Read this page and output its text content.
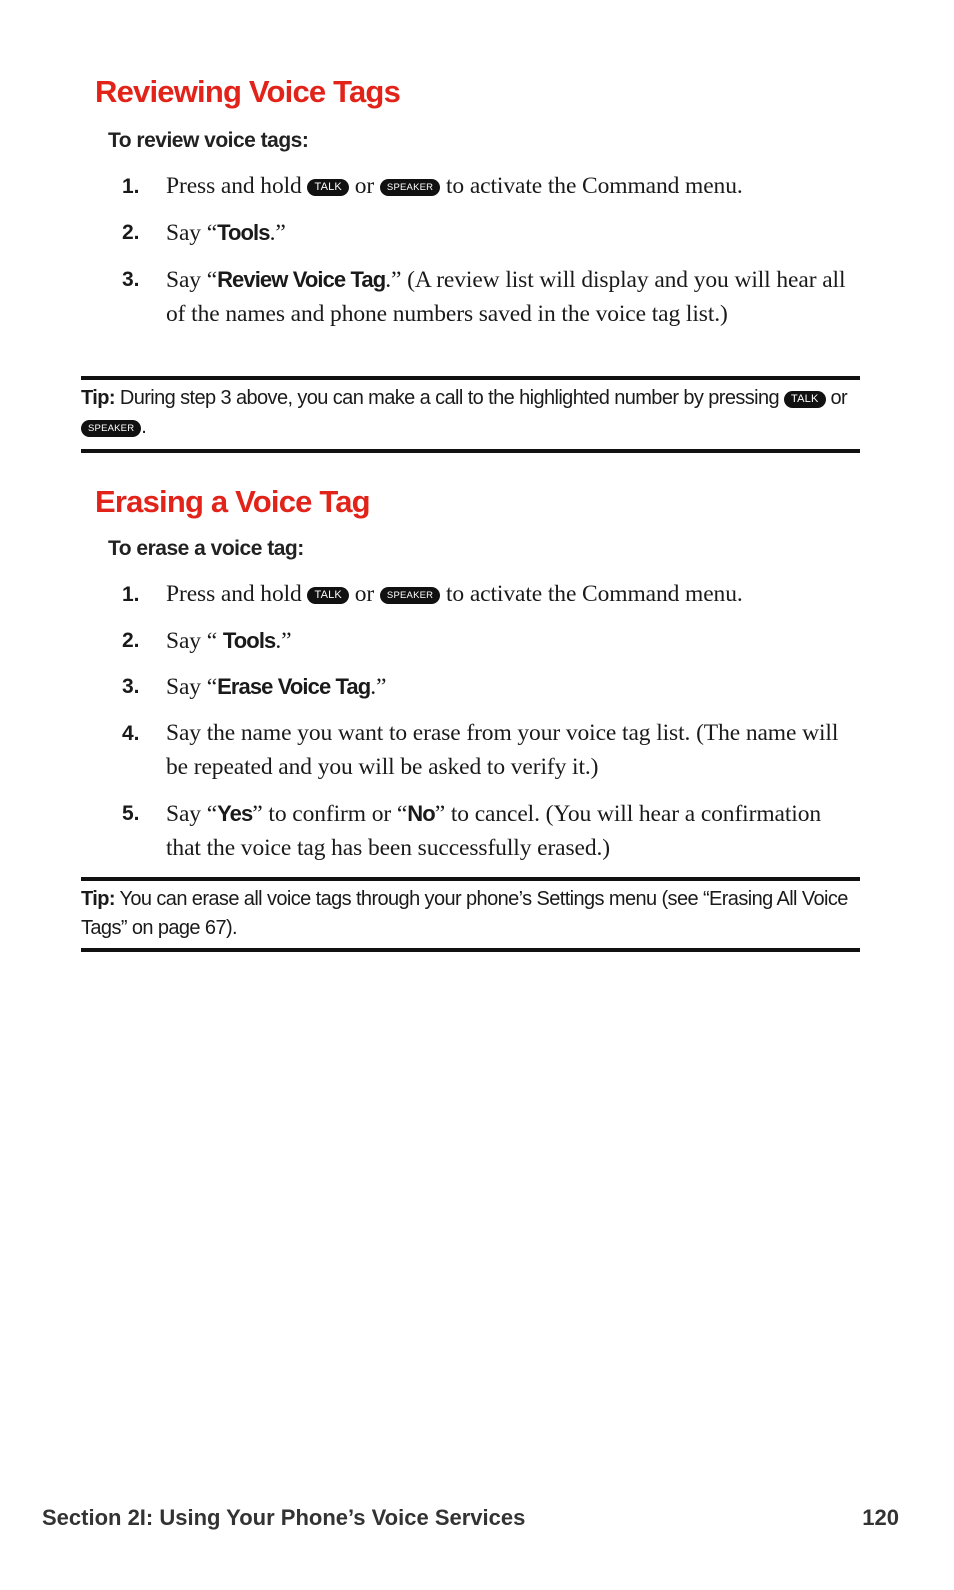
Reviewing Voice Tags

To review voice tags:

1.	Press and hold TALK or SPEAKER to activate the Command menu.
2.	Say “Tools.”
3.	Say “Review Voice Tag.” (A review list will display and you will hear all of the names and phone numbers saved in the voice tag list.)
Tip: During step 3 above, you can make a call to the highlighted number by pressing TALK or SPEAKER .
Erasing a Voice Tag

To erase a voice tag:

1.	Press and hold TALK or SPEAKER to activate the Command menu.
2.	Say “ Tools.”
3.	Say “Erase Voice Tag.”
4.	Say the name you want to erase from your voice tag list. (The name will be repeated and you will be asked to verify it.)
5.	Say “Yes” to confirm or “No” to cancel. (You will hear a confirmation that the voice tag has been successfully erased.)
Tip: You can erase all voice tags through your phone’s Settings menu (see “Erasing All Voice Tags” on page 67).
Section 2I: Using Your Phone’s Voice Services	120
